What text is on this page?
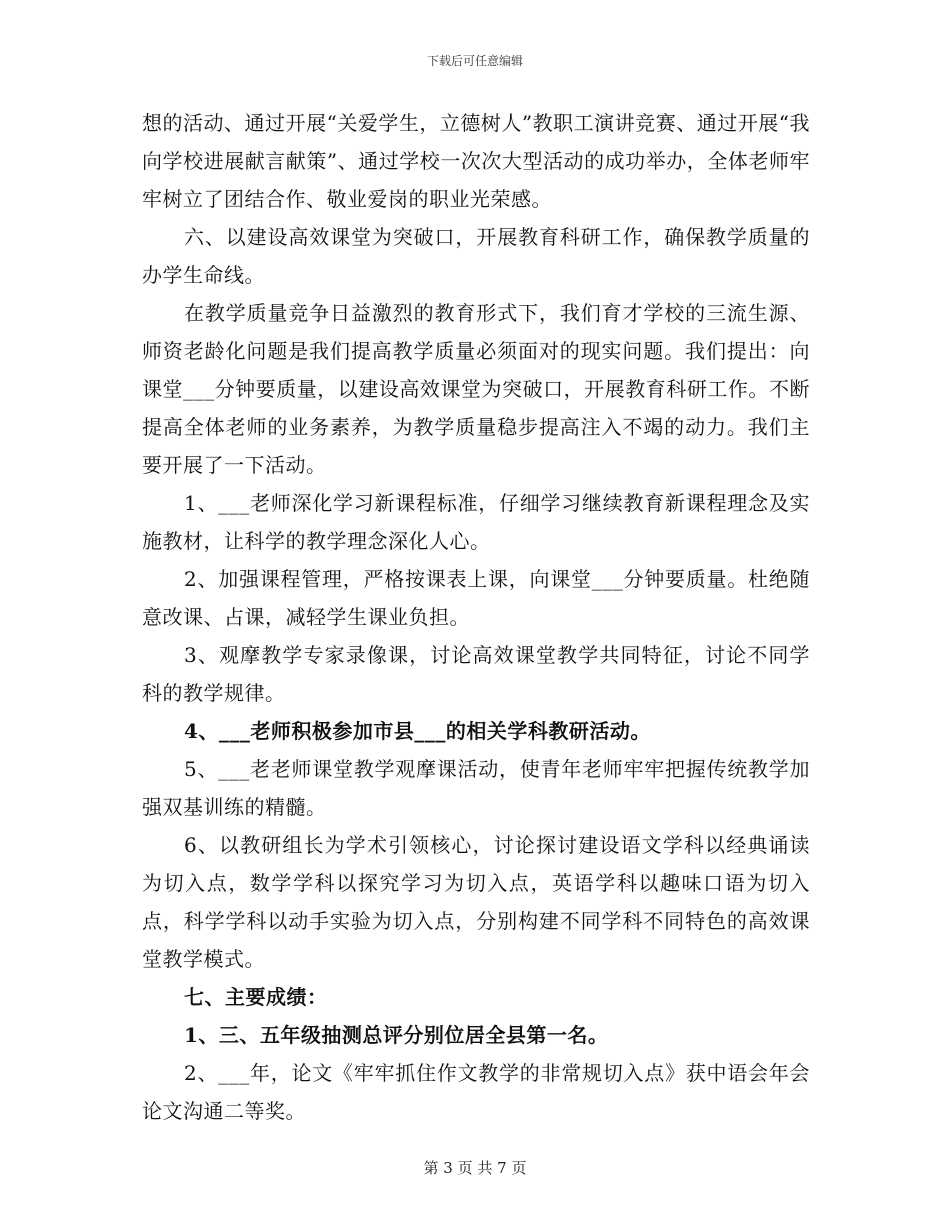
下载后可任意编辑

想的活动、通过开展“关爱学生，立德树人”教职工演讲竞赛、通过开展“我向学校进展献言献策”、通过学校一次次大型活动的成功举办，全体老师牢牢树立了团结合作、敬业爱岗的职业光荣感。

六、以建设高效课堂为突破口，开展教育科研工作，确保教学质量的办学生命线。

在教学质量竞争日益激烈的教育形式下，我们育才学校的三流生源、师资老龄化问题是我们提高教学质量必须面对的现实问题。我们提出：向课堂___分钟要质量，以建设高效课堂为突破口，开展教育科研工作。不断提高全体老师的业务素养，为教学质量稳步提高注入不竭的动力。我们主要开展了一下活动。

1、___老师深化学习新课程标准，仔细学习继续教育新课程理念及实施教材，让科学的教学理念深化人心。

2、加强课程管理，严格按课表上课，向课堂___分钟要质量。杜绝随意改课、占课，减轻学生课业负担。

3、观摩教学专家录像课，讨论高效课堂教学共同特征，讨论不同学科的教学规律。

4、___老师积极参加市县___的相关学科教研活动。

5、___老老师课堂教学观摩课活动，使青年老师牢牢把握传统教学加强双基训练的精髓。

6、以教研组长为学术引领核心，讨论探讨建设语文学科以经典诵读为切入点，数学学科以探究学习为切入点，英语学科以趣味口语为切入点，科学学科以动手实验为切入点，分别构建不同学科不同特色的高效课堂教学模式。

七、主要成绩：

1、三、五年级抽测总评分别位居全县第一名。

2、___年，论文《牢牢抓住作文教学的非常规切入点》获中语会年会论文沟通二等奖。

第 3 页 共 7 页
